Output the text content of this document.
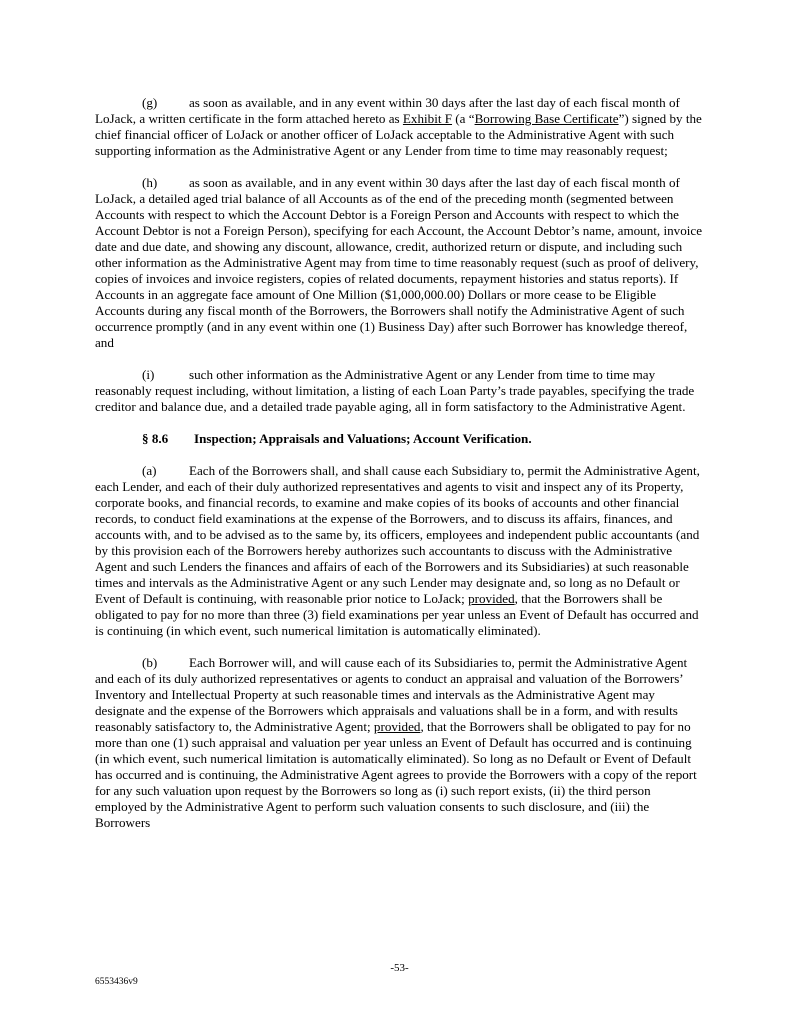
(g) as soon as available, and in any event within 30 days after the last day of each fiscal month of LoJack, a written certificate in the form attached hereto as Exhibit F (a “Borrowing Base Certificate”) signed by the chief financial officer of LoJack or another officer of LoJack acceptable to the Administrative Agent with such supporting information as the Administrative Agent or any Lender from time to time may reasonably request;

(h) as soon as available, and in any event within 30 days after the last day of each fiscal month of LoJack, a detailed aged trial balance of all Accounts as of the end of the preceding month (segmented between Accounts with respect to which the Account Debtor is a Foreign Person and Accounts with respect to which the Account Debtor is not a Foreign Person), specifying for each Account, the Account Debtor’s name, amount, invoice date and due date, and showing any discount, allowance, credit, authorized return or dispute, and including such other information as the Administrative Agent may from time to time reasonably request (such as proof of delivery, copies of invoices and invoice registers, copies of related documents, repayment histories and status reports). If Accounts in an aggregate face amount of One Million ($1,000,000.00) Dollars or more cease to be Eligible Accounts during any fiscal month of the Borrowers, the Borrowers shall notify the Administrative Agent of such occurrence promptly (and in any event within one (1) Business Day) after such Borrower has knowledge thereof, and

(i)	such other information as the Administrative Agent or any Lender from time to time may reasonably request including, without limitation, a listing of each Loan Party’s trade payables, specifying the trade creditor and balance due, and a detailed trade payable aging, all in form satisfactory to the Administrative Agent.

§ 8.6 Inspection; Appraisals and Valuations; Account Verification.

(a) Each of the Borrowers shall, and shall cause each Subsidiary to, permit the Administrative Agent, each Lender, and each of their duly authorized representatives and agents to visit and inspect any of its Property, corporate books, and financial records, to examine and make copies of its books of accounts and other financial records, to conduct field examinations at the expense of the Borrowers, and to discuss its affairs, finances, and accounts with, and to be advised as to the same by, its officers, employees and independent public accountants (and by this provision each of the Borrowers hereby authorizes such accountants to discuss with the Administrative Agent and such Lenders the finances and affairs of each of the Borrowers and its Subsidiaries) at such reasonable times and intervals as the Administrative Agent or any such Lender may designate and, so long as no Default or Event of Default is continuing, with reasonable prior notice to LoJack; provided, that the Borrowers shall be obligated to pay for no more than three (3) field examinations per year unless an Event of Default has occurred and is continuing (in which event, such numerical limitation is automatically eliminated).

(b) Each Borrower will, and will cause each of its Subsidiaries to, permit the Administrative Agent and each of its duly authorized representatives or agents to conduct an appraisal and valuation of the Borrowers’ Inventory and Intellectual Property at such reasonable times and intervals as the Administrative Agent may designate and the expense of the Borrowers which appraisals and valuations shall be in a form, and with results reasonably satisfactory to, the Administrative Agent; provided, that the Borrowers shall be obligated to pay for no more than one (1) such appraisal and valuation per year unless an Event of Default has occurred and is continuing (in which event, such numerical limitation is automatically eliminated). So long as no Default or Event of Default has occurred and is continuing, the Administrative Agent agrees to provide the Borrowers with a copy of the report for any such valuation upon request by the Borrowers so long as (i) such report exists, (ii) the third person employed by the Administrative Agent to perform such valuation consents to such disclosure, and (iii) the Borrowers

-53-
6553436v9
